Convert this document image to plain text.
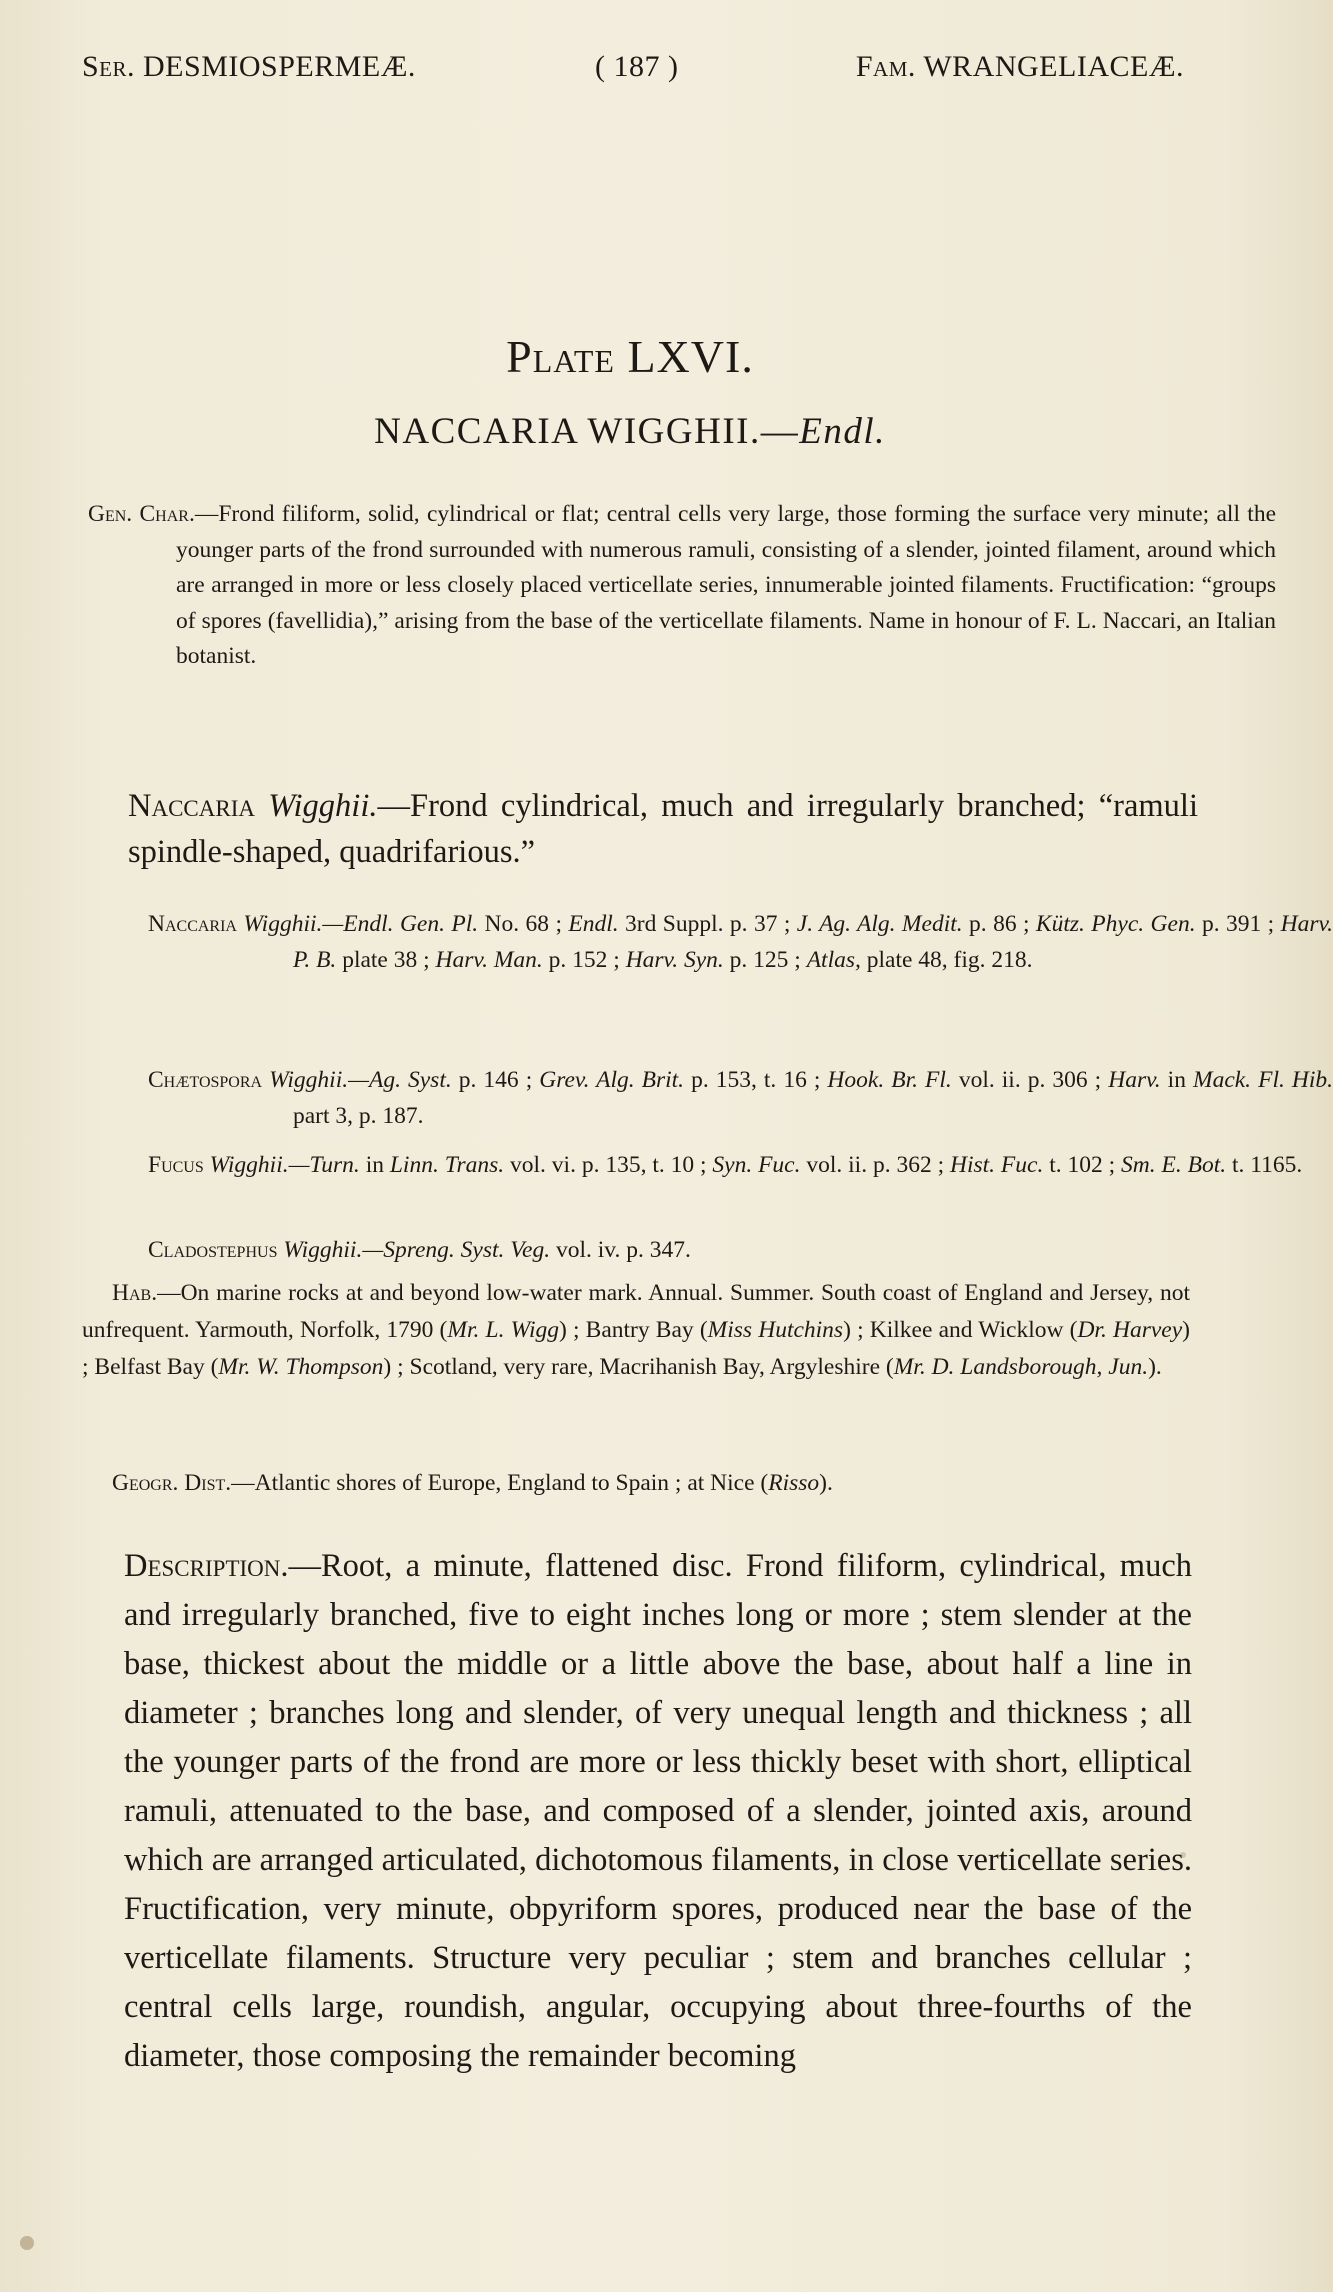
Ser. DESMIOSPERMEÆ.	( 187 )	Fam. WRANGELIACEÆ.
Plate LXVI.
NACCARIA WIGGHII.—Endl.
Gen. Char.—Frond filiform, solid, cylindrical or flat; central cells very large, those forming the surface very minute; all the younger parts of the frond surrounded with numerous ramuli, consisting of a slender, jointed filament, around which are arranged in more or less closely placed verticellate series, innumerable jointed filaments. Fructification: “groups of spores (favellidia),” arising from the base of the verticellate filaments. Name in honour of F. L. Naccari, an Italian botanist.
Naccaria Wigghii.—Frond cylindrical, much and irregularly branched; “ramuli spindle-shaped, quadrifarious.”
Naccaria Wigghii.—Endl. Gen. Pl. No. 68 ; Endl. 3rd Suppl. p. 37 ; J. Ag. Alg. Medit. p. 86 ; Kütz. Phyc. Gen. p. 391 ; Harv. P. B. plate 38 ; Harv. Man. p. 152 ; Harv. Syn. p. 125 ; Atlas, plate 48, fig. 218.
Chætospora Wigghii.—Ag. Syst. p. 146 ; Grev. Alg. Brit. p. 153, t. 16 ; Hook. Br. Fl. vol. ii. p. 306 ; Harv. in Mack. Fl. Hib. part 3, p. 187.
Fucus Wigghii.—Turn. in Linn. Trans. vol. vi. p. 135, t. 10 ; Syn. Fuc. vol. ii. p. 362 ; Hist. Fuc. t. 102 ; Sm. E. Bot. t. 1165.
Cladostephus Wigghii.—Spreng. Syst. Veg. vol. iv. p. 347.
Hab.—On marine rocks at and beyond low-water mark. Annual. Summer. South coast of England and Jersey, not unfrequent. Yarmouth, Norfolk, 1790 (Mr. L. Wigg) ; Bantry Bay (Miss Hutchins) ; Kilkee and Wicklow (Dr. Harvey) ; Belfast Bay (Mr. W. Thompson) ; Scotland, very rare, Macrihanish Bay, Argyleshire (Mr. D. Landsborough, Jun.).
Geogr. Dist.—Atlantic shores of Europe, England to Spain ; at Nice (Risso).
Description.—Root, a minute, flattened disc. Frond filiform, cylindrical, much and irregularly branched, five to eight inches long or more ; stem slender at the base, thickest about the middle or a little above the base, about half a line in diameter ; branches long and slender, of very unequal length and thickness ; all the younger parts of the frond are more or less thickly beset with short, elliptical ramuli, attenuated to the base, and composed of a slender, jointed axis, around which are arranged articulated, dichotomous filaments, in close verticellate series. Fructification, very minute, obpyriform spores, produced near the base of the verticellate filaments. Structure very peculiar ; stem and branches cellular ; central cells large, roundish, angular, occupying about three-fourths of the diameter, those composing the remainder becoming
